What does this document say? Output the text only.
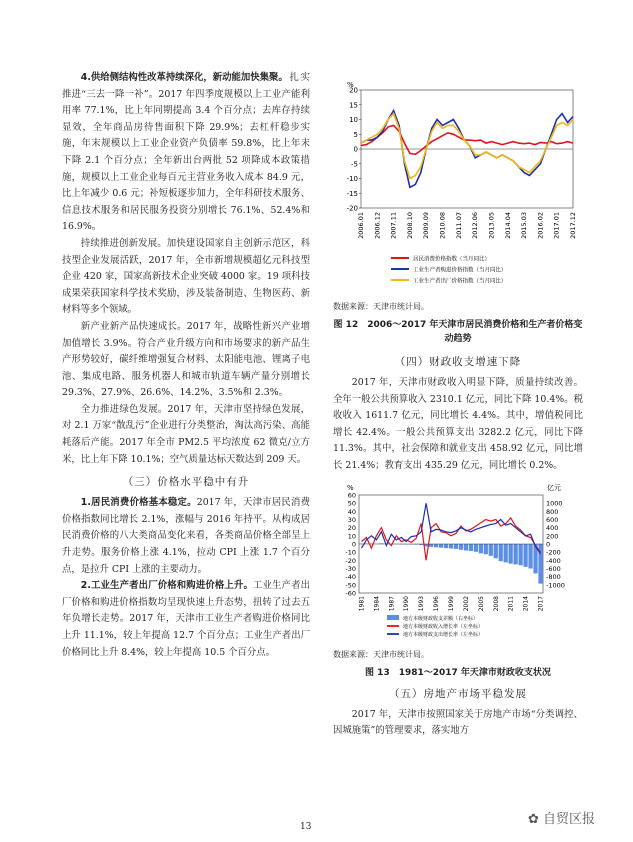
4.供给侧结构性改革持续深化，新动能加快集聚。扎实推进“三去一降一补”。2017 年四季度规模以上工业产能利用率 77.1%，比上年同期提高 3.4 个百分点；去库存持续显效，全年商品房待售面积下降 29.9%；去杠杆稳步实施，年末规模以上工业企业资产负债率 59.8%，比上年末下降 2.1 个百分点；全年新出台两批 52 项降成本政策措施，规模以上工业企业每百元主营业务收入成本 84.9 元，比上年减少 0.6 元；补短板逐步加力，全年科研技术服务、信息技术服务和居民服务投资分别增长 76.1%、52.4%和 16.9%。

持续推进创新发展。加快建设国家自主创新示范区，科技型企业发展活跃，2017 年，全市新增规模超亿元科技型企业 420 家，国家高新技术企业突破 4000 家。19 项科技成果荣获国家科学技术奖励，涉及装备制造、生物医药、新材料等多个领域。

新产业新产品快速成长。2017 年，战略性新兴产业增加值增长 3.9%。符合产业升级方向和市场要求的新产品生产形势较好，碳纤维增强复合材料、太阳能电池、锂离子电池、集成电路、服务机器人和城市轨道车辆产量分别增长 29.3%、27.9%、26.6%、14.2%、3.5%和 2.3%。

全力推进绿色发展。2017 年，天津市坚持绿色发展，对 2.1 万家“散乱污”企业进行分类整治，淘汰高污染、高能耗落后产能。2017 年全市 PM2.5 平均浓度 62 微克/立方米，比上年下降 10.1%；空气质量达标天数达到 209 天。

（三）价格水平稳中有升

1.居民消费价格基本稳定。2017 年，天津市居民消费价格指数同比增长 2.1%，涨幅与 2016 年持平。从构成居民消费价格的八大类商品变化来看，各类商品价格全部呈上升走势。服务价格上涨 4.1%，拉动 CPI 上涨 1.7 个百分点，是拉升 CPI 上涨的主要动力。

2.工业生产者出厂价格和购进价格上升。工业生产者出厂价格和购进价格指数均呈现快速上升态势，扭转了过去五年负增长走势。2017 年，天津市工业生产者购进价格同比上升 11.1%，较上年提高 12.7 个百分点；工业生产者出厂价格同比上升 8.4%，较上年提高 10.5 个百分点。

%
20
15
10
5
0
-5
-10
-15
-20
2006.01 2006.12 2007.11 2008.10 2009.09 2010.08 2011.07 2012.06 2013.05 2014.04 2015.03 2016.02 2017.01 2017.12
居民消费价格指数（当月同比）
工业生产者购进价格指数（当月同比）
工业生产者出厂价格指数（当月同比）
数据来源：天津市统计局。
图 12　2006～2017 年天津市居民消费价格和生产者价格变动趋势
（四）财政收支增速下降

2017 年，天津市财政收入明显下降，质量持续改善。全年一般公共预算收入 2310.1 亿元，同比下降 10.4%。税收收入 1611.7 亿元，同比增长 4.4%。其中，增值税同比增长 42.4%。一般公共预算支出 3282.2 亿元，同比下降 11.3%。其中，社会保障和就业支出 458.92 亿元，同比增长 21.4%；教育支出 435.29 亿元，同比增长 0.2%。

%	亿元
60
50
40
30
20
10
0
-10
-20
-30
-40
-50
-60
1000
800
600
400
200
0
-200
-400
-600
-800
-1000
1981 1984 1987 1990 1993 1996 1999 2002 2005 2008 2011 2014 2017
地方本级财政收支差额（右坐标）
地方本级财政收入增长率（左坐标）
地方本级财政支出增长率（左坐标）
数据来源：天津市统计局。
图 13　1981～2017 年天津市财政收支状况
（五）房地产市场平稳发展

2017 年，天津市按照国家关于房地产市场“分类调控、因城施策”的管理要求，落实地方

13	✿ 自贸区报
